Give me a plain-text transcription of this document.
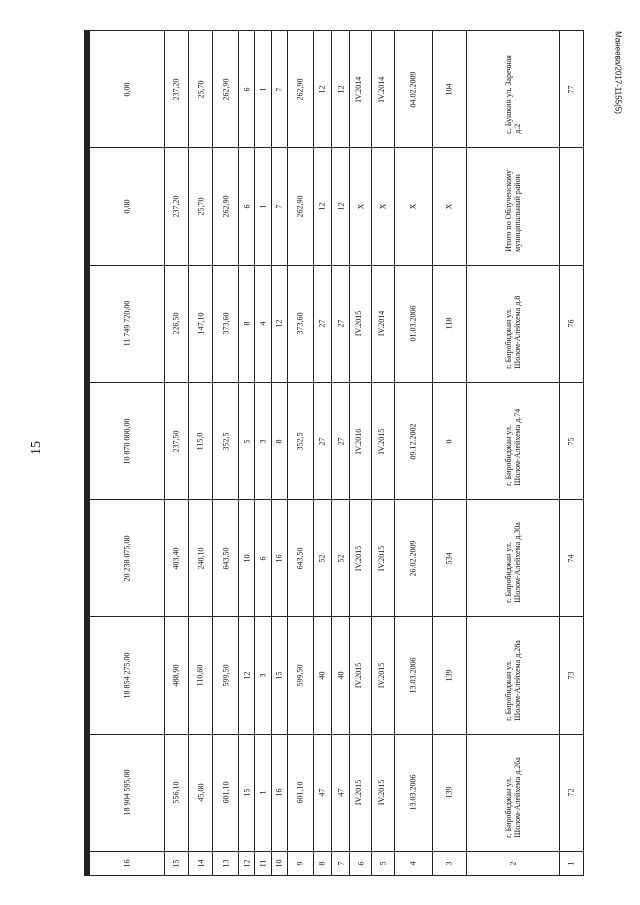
15
Манеева/2017-1155(5)
1	2	3	4	5	6	7	8	9	10	11	12	13	14	15	16					
72	г. Биробиджан ул. Шолом-Алейхема д.26а	139	13.03.2006	IV.2015	IV.2015	47	47	601,10	16	1	15	601,10	45,00	556,10	18 904 595,00					
73	г. Биробиджан ул. Шолом-Алейхема д.28а	139	13.03.2006	IV.2015	IV.2015	40	40	599,50	15	3	12	599,50	110,60	488,90	18 854 275,00					
74	г. Биробиджан ул. Шолом-Алейхема д.30а	534	26.02.2009	IV.2015	IV.2015	52	52	643,50	16	6	10	643,50	240,10	403,40	20 238 075,00					
75	г. Биробиджан ул. Шолом-Алейхема д.74	0	09.12.2002	IV.2015	IV.2016	27	27	352,5	8	3	5	352,5	115,0	237,50	10 870 000,00					
76	г. Биробиджан ул. Шолом-Алейхема д.8	118	01.03.2006	IV.2014	IV.2015	27	27	373,60	12	4	8	373,60	147,10	226,50	11 749 720,00					
	Итого по Облученскому муниципальный район	X	X	X	X	12	12	262,90	7	1	6	262,90	25,70	237,20	0,00					
77	с. Бушкин ул. Заречная д.2	104	04.02.2009	IV.2014	IV.2014	12	12	262,90	7	1	6	262,90	25,70	237,20	0,00					
